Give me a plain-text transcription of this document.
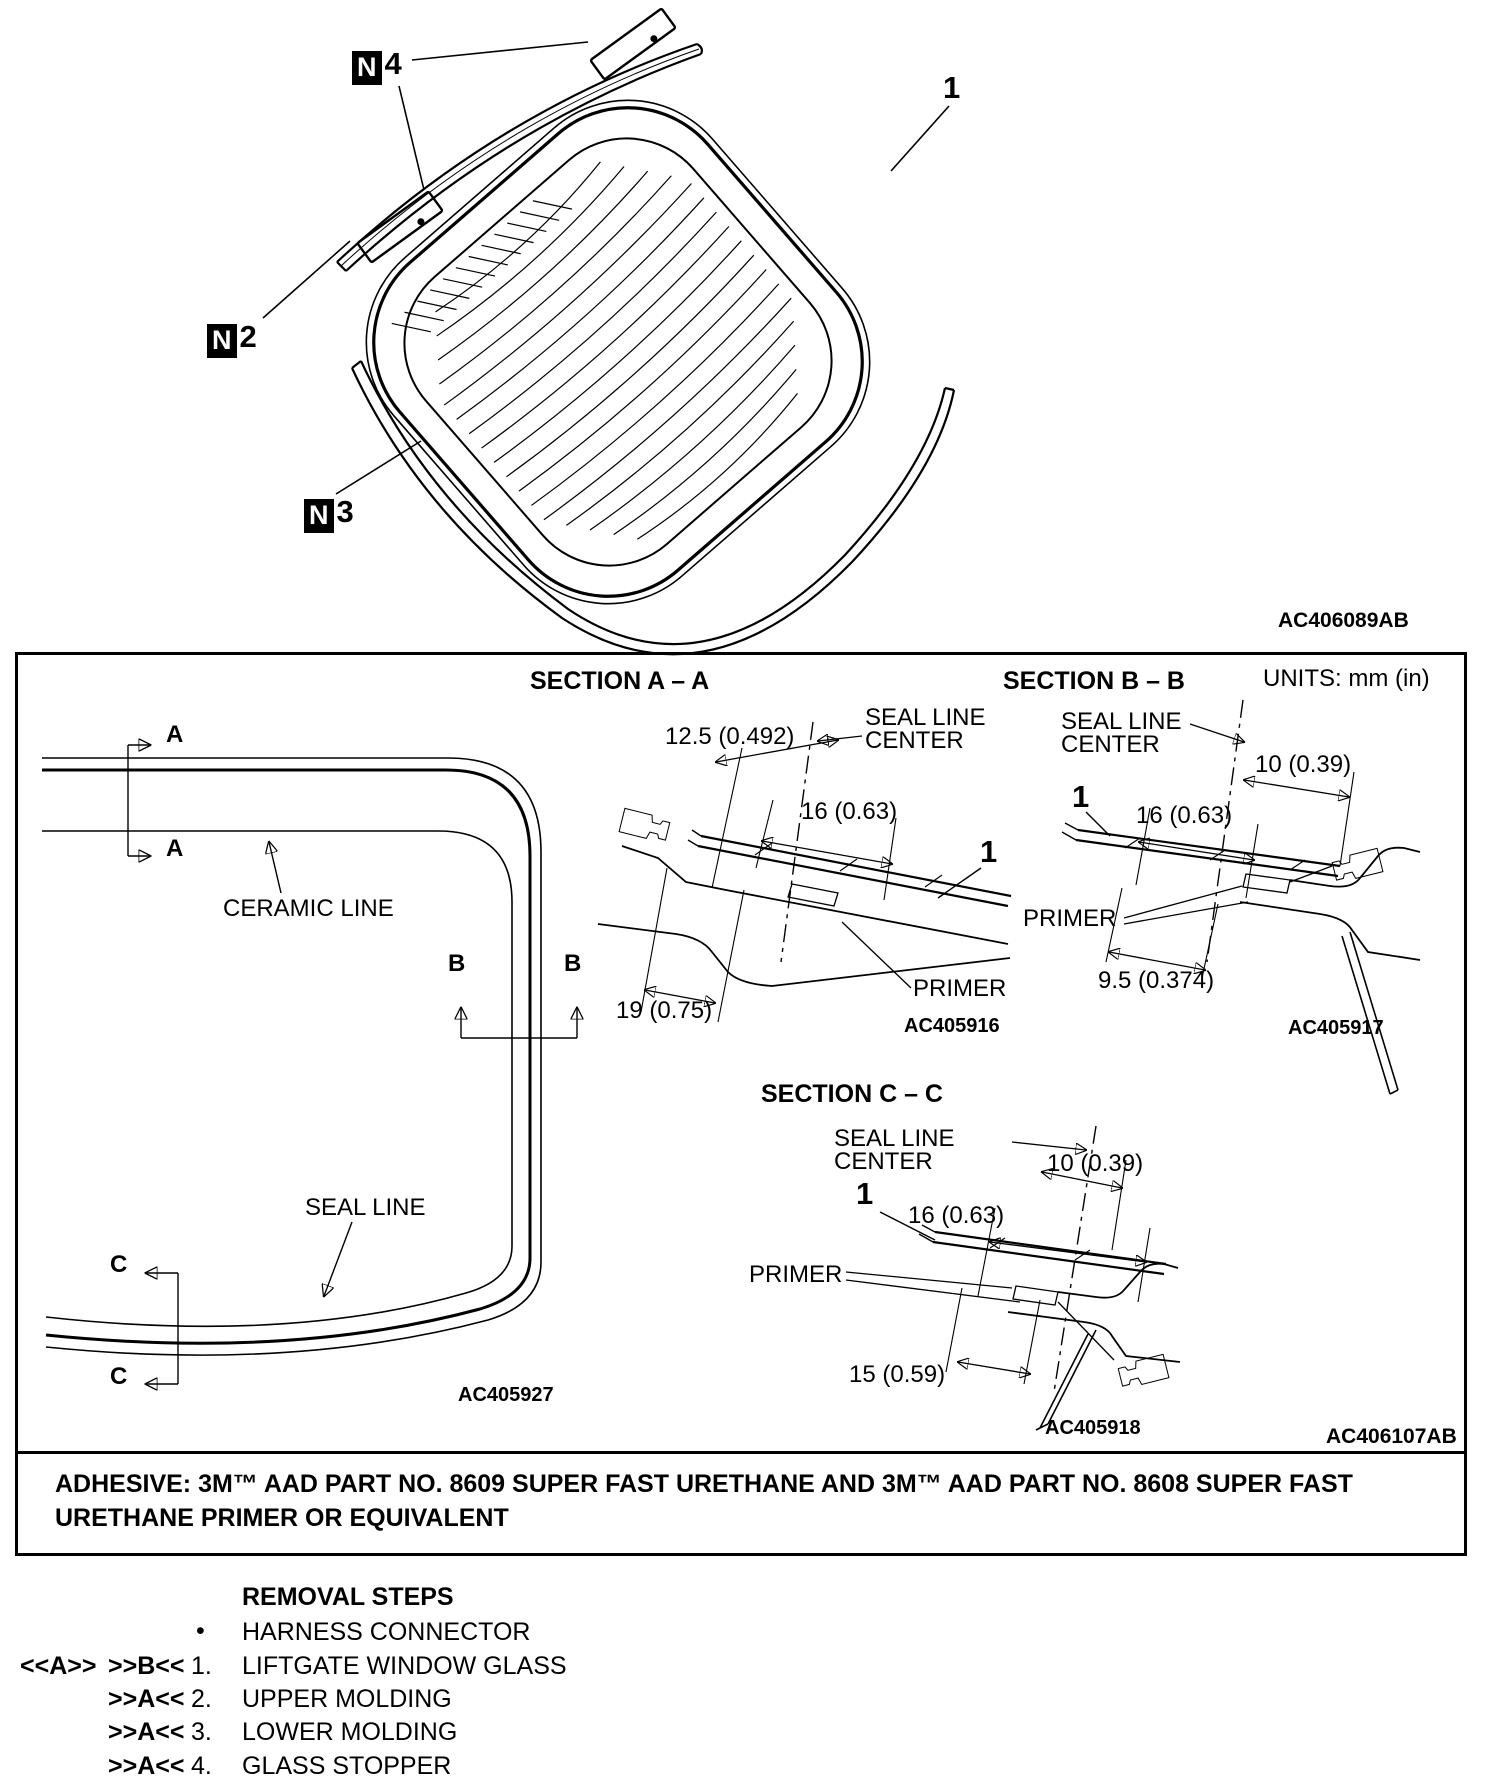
N 4
N 2
N 3
1
AC406089AB
SECTION A – A	SECTION B – B	UNITS: mm (in)
A
A
B	B
C
C
CERAMIC LINE
SEAL LINE
AC405927
12.5 (0.492)
SEAL LINE
CENTER
16 (0.63)
1
PRIMER
19 (0.75)
AC405916
SEAL LINE
CENTER
10 (0.39)
1
16 (0.63)
PRIMER
9.5 (0.374)
AC405917
SECTION C – C
SEAL LINE
CENTER	10 (0.39)
1
16 (0.63)
PRIMER
15 (0.59)
AC405918	AC406107AB
ADHESIVE: 3M™ AAD PART NO. 8609 SUPER FAST URETHANE AND 3M™ AAD PART NO. 8608 SUPER FAST
URETHANE PRIMER OR EQUIVALENT
REMOVAL STEPS
• HARNESS CONNECTOR
<<A>> >>B<< 1. LIFTGATE WINDOW GLASS
>>A<< 2. UPPER MOLDING
>>A<< 3. LOWER MOLDING
>>A<< 4. GLASS STOPPER
